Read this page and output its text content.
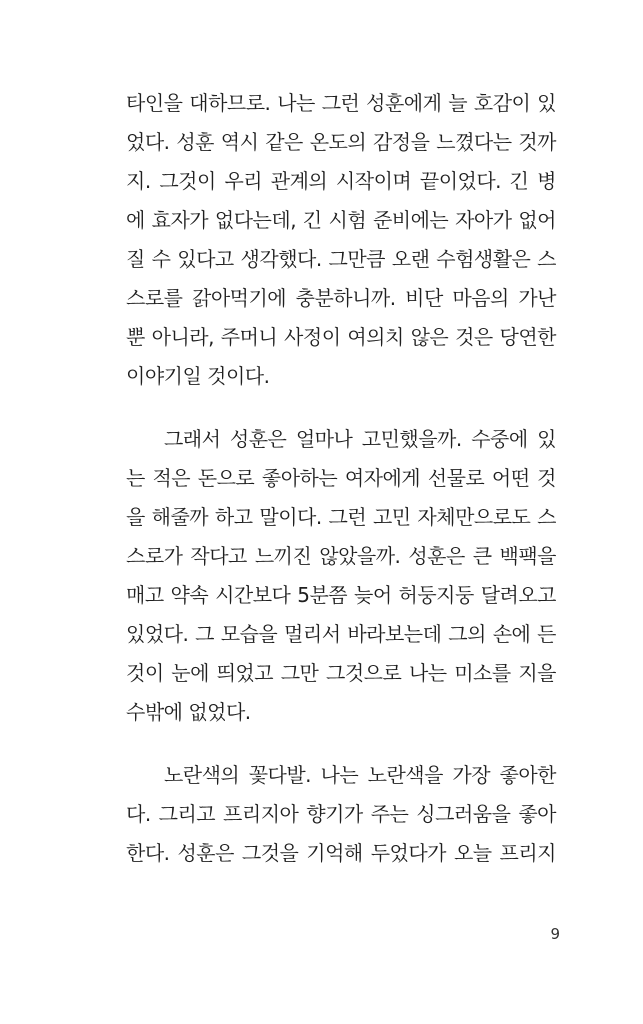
타인을 대하므로. 나는 그런 성훈에게 늘 호감이 있
었다. 성훈 역시 같은 온도의 감정을 느꼈다는 것까
지. 그것이 우리 관계의 시작이며 끝이었다. 긴 병
에 효자가 없다는데, 긴 시험 준비에는 자아가 없어
질 수 있다고 생각했다. 그만큼 오랜 수험생활은 스
스로를 갉아먹기에 충분하니까. 비단 마음의 가난
뿐 아니라, 주머니 사정이 여의치 않은 것은 당연한
이야기일 것이다.
그래서 성훈은 얼마나 고민했을까. 수중에 있
는 적은 돈으로 좋아하는 여자에게 선물로 어떤 것
을 해줄까 하고 말이다. 그런 고민 자체만으로도 스
스로가 작다고 느끼진 않았을까. 성훈은 큰 백팩을
매고 약속 시간보다 5분쯤 늦어 허둥지둥 달려오고
있었다. 그 모습을 멀리서 바라보는데 그의 손에 든
것이 눈에 띄었고 그만 그것으로 나는 미소를 지을
수밖에 없었다.
노란색의 꽃다발. 나는 노란색을 가장 좋아한
다. 그리고 프리지아 향기가 주는 싱그러움을 좋아
한다. 성훈은 그것을 기억해 두었다가 오늘 프리지
9
